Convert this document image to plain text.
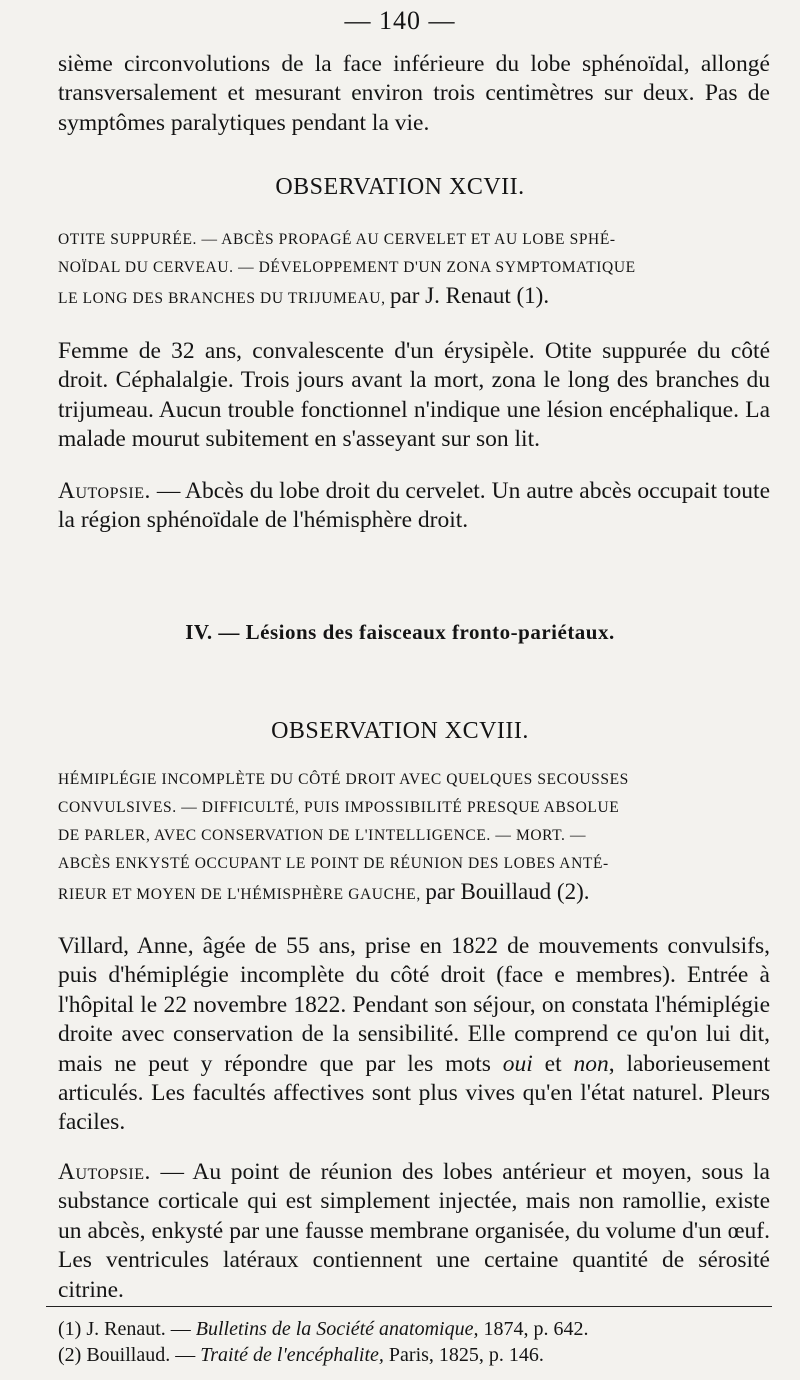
— 140 —
sième circonvolutions de la face inférieure du lobe sphénoïdal, allongé transversalement et mesurant environ trois centimètres sur deux. Pas de symptômes paralytiques pendant la vie.
OBSERVATION XCVII.
OTITE SUPPURÉE. — ABCÈS PROPAGÉ AU CERVELET ET AU LOBE SPHÉ-
NOÏDAL DU CERVEAU. — DÉVELOPPEMENT D'UN ZONA SYMPTOMATIQUE
LE LONG DES BRANCHES DU TRIJUMEAU, par J. Renaut (1).
Femme de 32 ans, convalescente d'un érysipèle. Otite suppurée du côté droit. Céphalalgie. Trois jours avant la mort, zona le long des branches du trijumeau. Aucun trouble fonctionnel n'indique une lésion encéphalique. La malade mourut subitement en s'asseyant sur son lit.
Autopsie. — Abcès du lobe droit du cervelet. Un autre abcès occupait toute la région sphénoïdale de l'hémisphère droit.
IV. — Lésions des faisceaux fronto-pariétaux.
OBSERVATION XCVIII.
HÉMIPLÉGIE INCOMPLÈTE DU CÔTÉ DROIT AVEC QUELQUES SECOUSSES
CONVULSIVES. — DIFFICULTÉ, PUIS IMPOSSIBILITÉ PRESQUE ABSOLUE
DE PARLER, AVEC CONSERVATION DE L'INTELLIGENCE. — MORT. —
ABCÈS ENKYSTÉ OCCUPANT LE POINT DE RÉUNION DES LOBES ANTÉ-
RIEUR ET MOYEN DE L'HÉMISPHÈRE GAUCHE, par Bouillaud (2).
Villard, Anne, âgée de 55 ans, prise en 1822 de mouvements convulsifs, puis d'hémiplégie incomplète du côté droit (face e membres). Entrée à l'hôpital le 22 novembre 1822. Pendant son séjour, on constata l'hémiplégie droite avec conservation de la sensibilité. Elle comprend ce qu'on lui dit, mais ne peut y répondre que par les mots oui et non, laborieusement articulés. Les facultés affectives sont plus vives qu'en l'état naturel. Pleurs faciles.
Autopsie. — Au point de réunion des lobes antérieur et moyen, sous la substance corticale qui est simplement injectée, mais non ramollie, existe un abcès, enkysté par une fausse membrane organisée, du volume d'un œuf. Les ventricules latéraux contiennent une certaine quantité de sérosité citrine.
(1) J. Renaut. — Bulletins de la Société anatomique, 1874, p. 642.
(2) Bouillaud. — Traité de l'encéphalite, Paris, 1825, p. 146.
